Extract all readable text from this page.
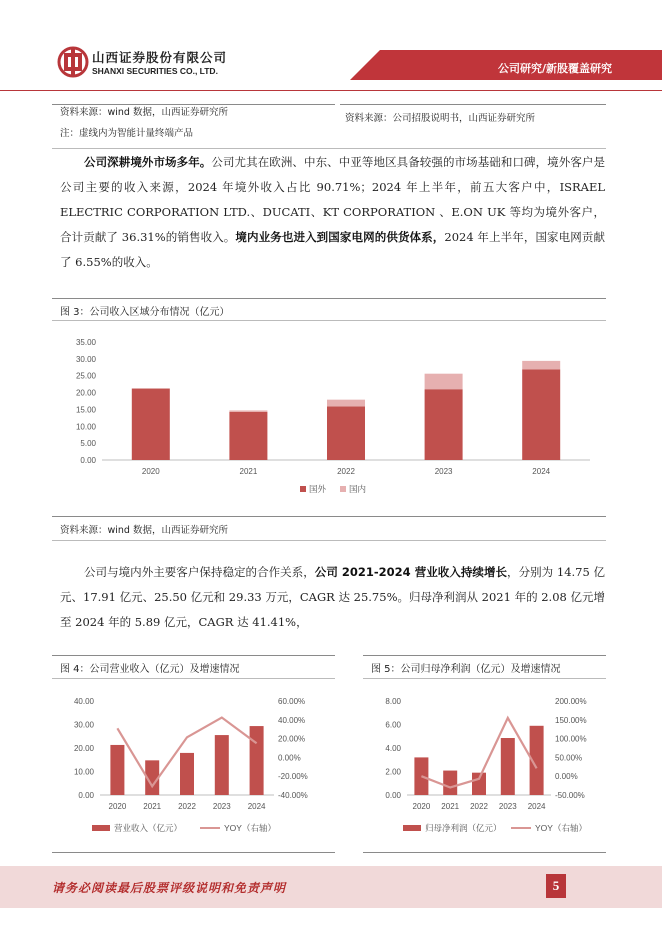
山西证券股份有限公司
SHANXI SECURITIES CO., LTD.	公司研究/新股覆盖研究
资料来源：wind 数据，山西证券研究所
注：虚线内为智能计量终端产品
资料来源：公司招股说明书，山西证券研究所
公司深耕境外市场多年。公司尤其在欧洲、中东、中亚等地区具备较强的市场基础和口碑，境外客户是公司主要的收入来源，2024 年境外收入占比 90.71%；2024 年上半年，前五大客户中，ISRAEL ELECTRIC CORPORATION LTD.、DUCATI、KT CORPORATION 、E.ON UK 等均为境外客户，合计贡献了 36.31%的销售收入。境内业务也进入到国家电网的供货体系，2024 年上半年，国家电网贡献了 6.55%的收入。
图 3：公司收入区域分布情况（亿元）
0.00
5.00
10.00
15.00
20.00
25.00
30.00
35.00
2020	2021	2022	2023	2024
国外	国内
资料来源：wind 数据，山西证券研究所
公司与境内外主要客户保持稳定的合作关系，公司 2021-2024 营业收入持续增长，分别为 14.75 亿元、17.91 亿元、25.50 亿元和 29.33 万元，CAGR 达 25.75%。归母净利润从 2021 年的 2.08 亿元增至 2024 年的 5.89 亿元，CAGR 达 41.41%，
图 4：公司营业收入（亿元）及增速情况	图 5：公司归母净利润（亿元）及增速情况
0.00
10.00
20.00
30.00
40.00
-40.00%
-20.00%
0.00%
20.00%
40.00%
60.00%
2020 2021 2022 2023 2024
营业收入（亿元）	YOY（右轴）
0.00
2.00
4.00
6.00
8.00
-50.00%
0.00%
50.00%
100.00%
150.00%
200.00%
2020 2021 2022 2023 2024
归母净利润（亿元）	YOY（右轴）
请务必阅读最后股票评级说明和免责声明	5
